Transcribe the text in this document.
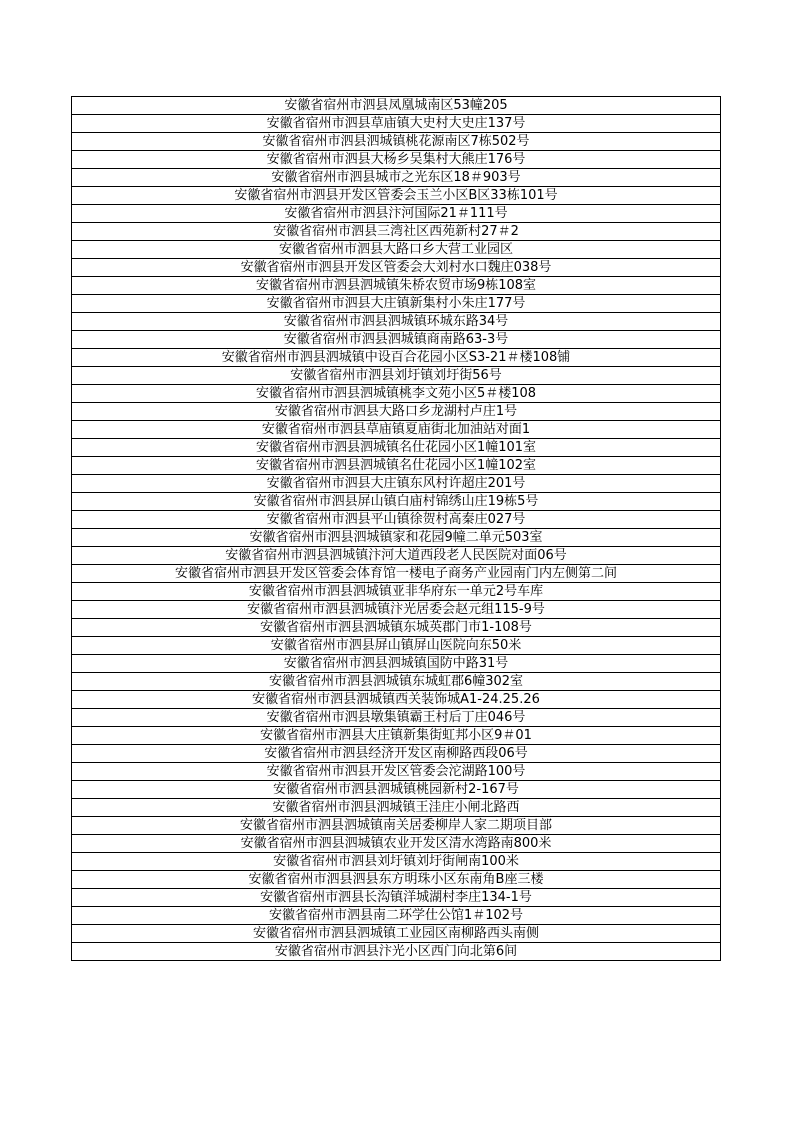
安徽省宿州市泗县凤凰城南区53幢205
安徽省宿州市泗县草庙镇大史村大史庄137号
安徽省宿州市泗县泗城镇桃花源南区7栋502号
安徽省宿州市泗县大杨乡吴集村大熊庄176号
安徽省宿州市泗县城市之光东区18＃903号
安徽省宿州市泗县开发区管委会玉兰小区B区33栋101号
安徽省宿州市泗县汴河国际21＃111号
安徽省宿州市泗县三湾社区西苑新村27＃2
安徽省宿州市泗县大路口乡大营工业园区
安徽省宿州市泗县开发区管委会大刘村水口魏庄038号
安徽省宿州市泗县泗城镇朱桥农贸市场9栋108室
安徽省宿州市泗县大庄镇新集村小朱庄177号
安徽省宿州市泗县泗城镇环城东路34号
安徽省宿州市泗县泗城镇商南路63-3号
安徽省宿州市泗县泗城镇中设百合花园小区S3-21＃楼108铺
安徽省宿州市泗县刘圩镇刘圩街56号
安徽省宿州市泗县泗城镇桃李文苑小区5＃楼108
安徽省宿州市泗县大路口乡龙湖村卢庄1号
安徽省宿州市泗县草庙镇夏庙街北加油站对面1
安徽省宿州市泗县泗城镇名仕花园小区1幢101室
安徽省宿州市泗县泗城镇名仕花园小区1幢102室
安徽省宿州市泗县大庄镇东风村许超庄201号
安徽省宿州市泗县屏山镇白庙村锦绣山庄19栋5号
安徽省宿州市泗县平山镇徐贺村高秦庄027号
安徽省宿州市泗县泗城镇家和花园9幢二单元503室
安徽省宿州市泗县泗城镇汴河大道西段老人民医院对面06号
安徽省宿州市泗县开发区管委会体育馆一楼电子商务产业园南门内左侧第二间
安徽省宿州市泗县泗城镇亚非华府东一单元2号车库
安徽省宿州市泗县泗城镇汴光居委会赵元组115-9号
安徽省宿州市泗县泗城镇东城英郡门市1-108号
安徽省宿州市泗县屏山镇屏山医院向东50米
安徽省宿州市泗县泗城镇国防中路31号
安徽省宿州市泗县泗城镇东城虹郡6幢302室
安徽省宿州市泗县泗城镇西关装饰城A1-24.25.26
安徽省宿州市泗县墩集镇霸王村后丁庄046号
安徽省宿州市泗县大庄镇新集街虹邦小区9＃01
安徽省宿州市泗县经济开发区南柳路西段06号
安徽省宿州市泗县开发区管委会沱湖路100号
安徽省宿州市泗县泗城镇桃园新村2-167号
安徽省宿州市泗县泗城镇王洼庄小闸北路西
安徽省宿州市泗县泗城镇南关居委柳岸人家二期项目部
安徽省宿州市泗县泗城镇农业开发区清水湾路南800米
安徽省宿州市泗县刘圩镇刘圩街闸南100米
安徽省宿州市泗县泗县东方明珠小区东南角B座三楼
安徽省宿州市泗县长沟镇洋城湖村李庄134-1号
安徽省宿州市泗县南二环学仕公馆1＃102号
安徽省宿州市泗县泗城镇工业园区南柳路西头南侧
安徽省宿州市泗县汴光小区西门向北第6间
